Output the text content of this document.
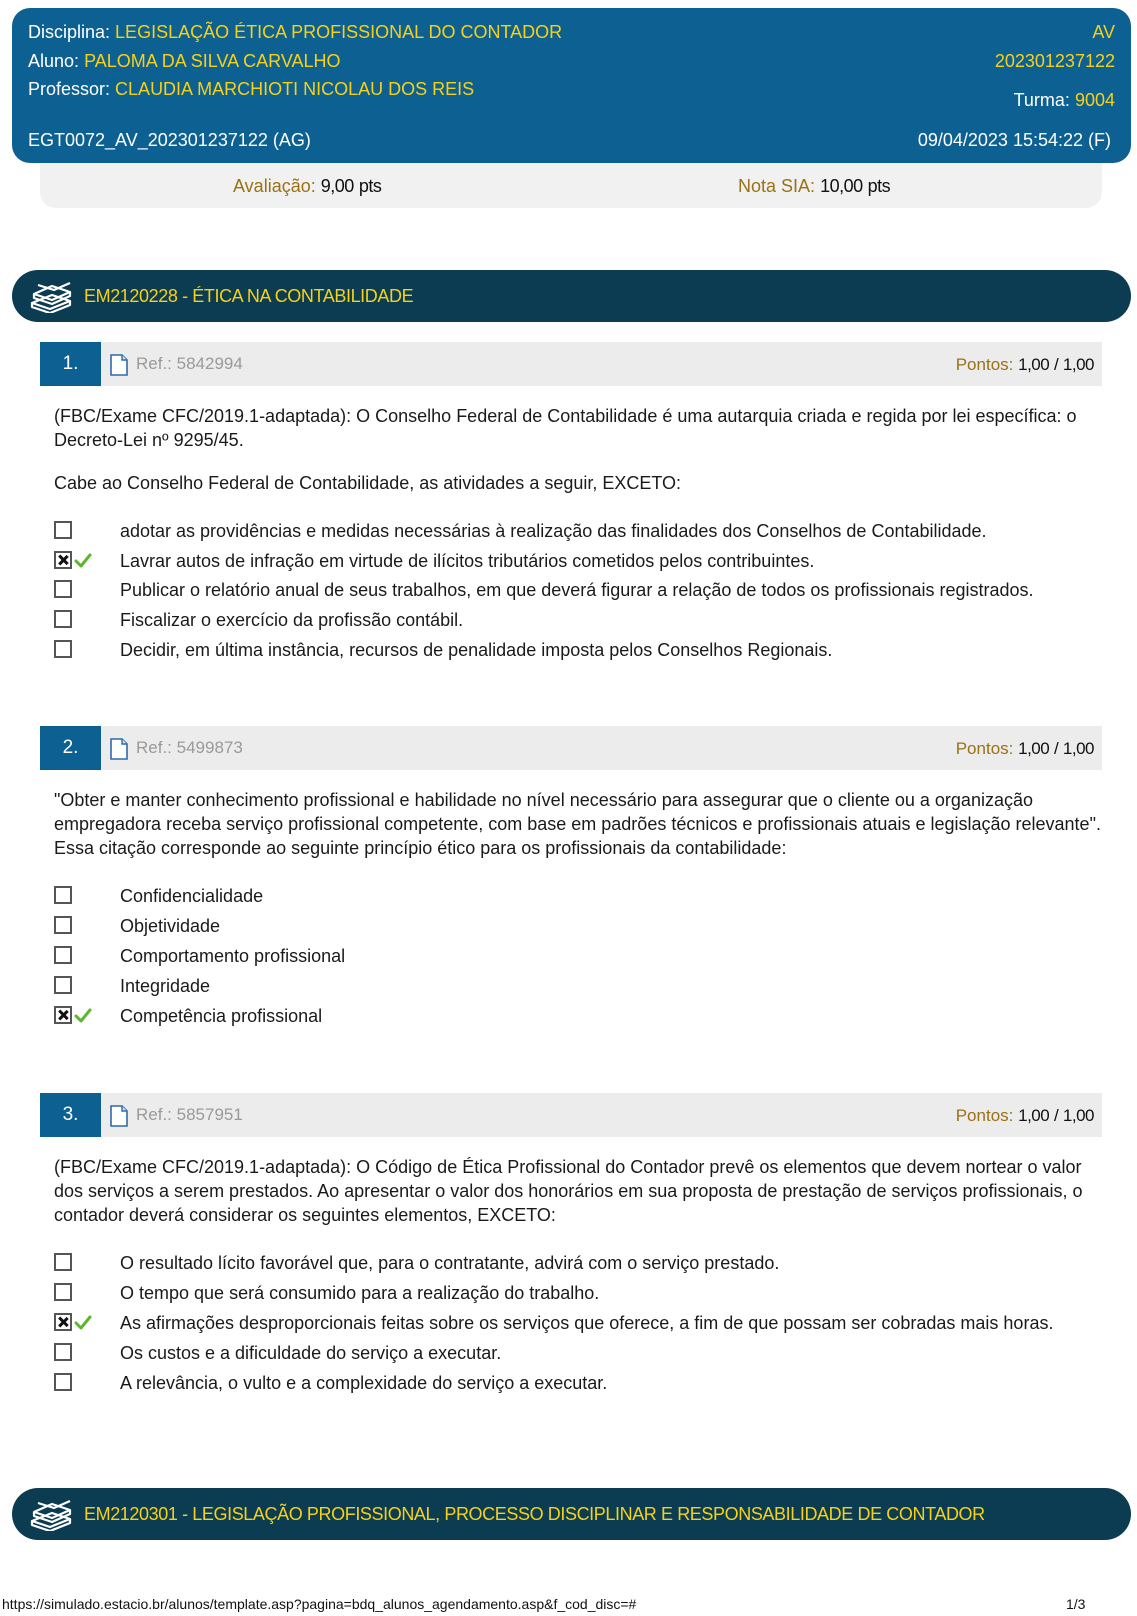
Disciplina: LEGISLAÇÃO ÉTICA PROFISSIONAL DO CONTADOR
Aluno: PALOMA DA SILVA CARVALHO
Professor: CLAUDIA MARCHIOTI NICOLAU DOS REIS
AV
202301237122
Turma: 9004
EGT0072_AV_202301237122 (AG)	09/04/2023 15:54:22 (F)
Avaliação: 9,00 pts	Nota SIA: 10,00 pts
EM2120228 - ÉTICA NA CONTABILIDADE
1.	Ref.: 5842994	Pontos: 1,00 / 1,00
(FBC/Exame CFC/2019.1-adaptada): O Conselho Federal de Contabilidade é uma autarquia criada e regida por lei específica: o Decreto-Lei nº 9295/45.
Cabe ao Conselho Federal de Contabilidade, as atividades a seguir, EXCETO:
adotar as providências e medidas necessárias à realização das finalidades dos Conselhos de Contabilidade.
Lavrar autos de infração em virtude de ilícitos tributários cometidos pelos contribuintes.
Publicar o relatório anual de seus trabalhos, em que deverá figurar a relação de todos os profissionais registrados.
Fiscalizar o exercício da profissão contábil.
Decidir, em última instância, recursos de penalidade imposta pelos Conselhos Regionais.
2.	Ref.: 5499873	Pontos: 1,00 / 1,00
"Obter e manter conhecimento profissional e habilidade no nível necessário para assegurar que o cliente ou a organização empregadora receba serviço profissional competente, com base em padrões técnicos e profissionais atuais e legislação relevante". Essa citação corresponde ao seguinte princípio ético para os profissionais da contabilidade:
Confidencialidade
Objetividade
Comportamento profissional
Integridade
Competência profissional
3.	Ref.: 5857951	Pontos: 1,00 / 1,00
(FBC/Exame CFC/2019.1-adaptada): O Código de Ética Profissional do Contador prevê os elementos que devem nortear o valor dos serviços a serem prestados. Ao apresentar o valor dos honorários em sua proposta de prestação de serviços profissionais, o contador deverá considerar os seguintes elementos, EXCETO:
O resultado lícito favorável que, para o contratante, advirá com o serviço prestado.
O tempo que será consumido para a realização do trabalho.
As afirmações desproporcionais feitas sobre os serviços que oferece, a fim de que possam ser cobradas mais horas.
Os custos e a dificuldade do serviço a executar.
A relevância, o vulto e a complexidade do serviço a executar.
EM2120301 - LEGISLAÇÃO PROFISSIONAL, PROCESSO DISCIPLINAR E RESPONSABILIDADE DE CONTADOR
https://simulado.estacio.br/alunos/template.asp?pagina=bdq_alunos_agendamento.asp&f_cod_disc=#	1/3
